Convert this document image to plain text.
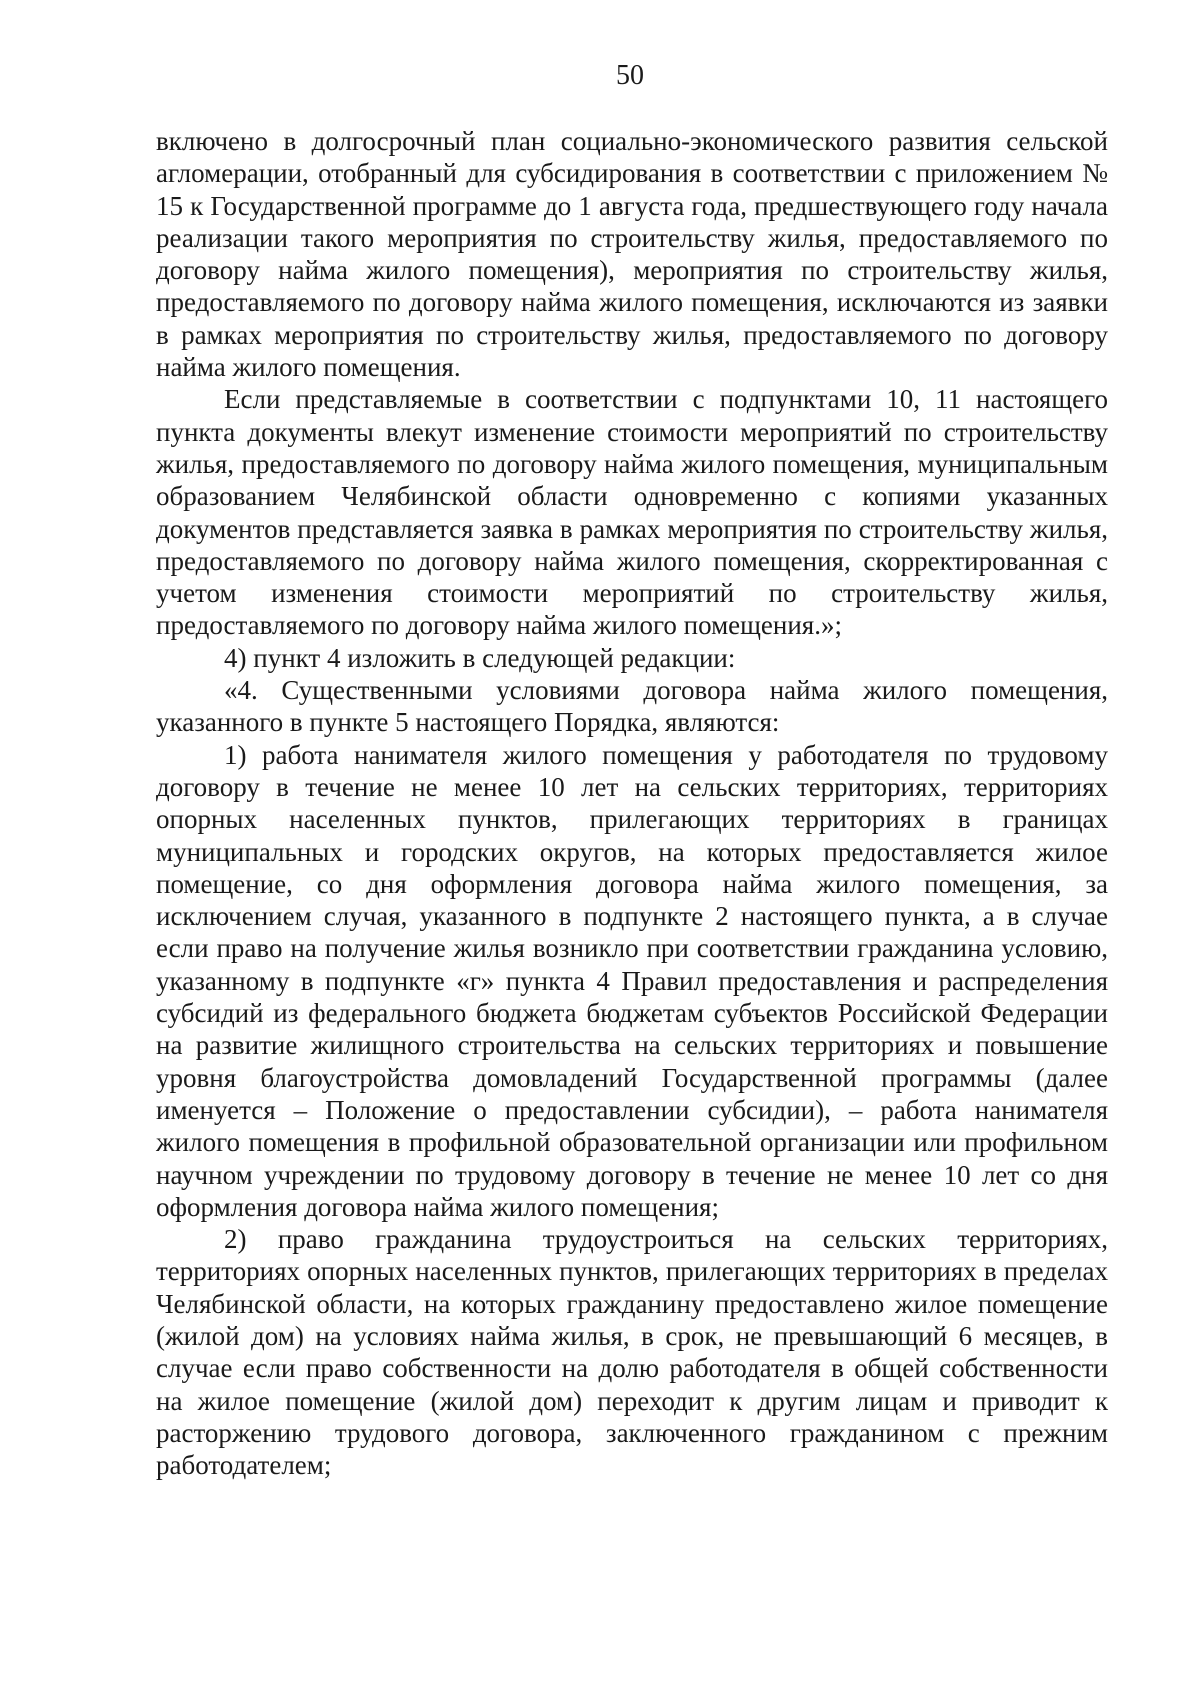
50

включено в долгосрочный план социально-экономического развития сельской агломерации, отобранный для субсидирования в соответствии с приложением № 15 к Государственной программе до 1 августа года, предшествующего году начала реализации такого мероприятия по строительству жилья, предоставляемого по договору найма жилого помещения), мероприятия по строительству жилья, предоставляемого по договору найма жилого помещения, исключаются из заявки в рамках мероприятия по строительству жилья, предоставляемого по договору найма жилого помещения.

Если представляемые в соответствии с подпунктами 10, 11 настоящего пункта документы влекут изменение стоимости мероприятий по строительству жилья, предоставляемого по договору найма жилого помещения, муниципальным образованием Челябинской области одновременно с копиями указанных документов представляется заявка в рамках мероприятия по строительству жилья, предоставляемого по договору найма жилого помещения, скорректированная с учетом изменения стоимости мероприятий по строительству жилья, предоставляемого по договору найма жилого помещения.»;

4) пункт 4 изложить в следующей редакции:

«4. Существенными условиями договора найма жилого помещения, указанного в пункте 5 настоящего Порядка, являются:

1) работа нанимателя жилого помещения у работодателя по трудовому договору в течение не менее 10 лет на сельских территориях, территориях опорных населенных пунктов, прилегающих территориях в границах муниципальных и городских округов, на которых предоставляется жилое помещение, со дня оформления договора найма жилого помещения, за исключением случая, указанного в подпункте 2 настоящего пункта, а в случае если право на получение жилья возникло при соответствии гражданина условию, указанному в подпункте «г» пункта 4 Правил предоставления и распределения субсидий из федерального бюджета бюджетам субъектов Российской Федерации на развитие жилищного строительства на сельских территориях и повышение уровня благоустройства домовладений Государственной программы (далее именуется – Положение о предоставлении субсидии), – работа нанимателя жилого помещения в профильной образовательной организации или профильном научном учреждении по трудовому договору в течение не менее 10 лет со дня оформления договора найма жилого помещения;

2) право гражданина трудоустроиться на сельских территориях, территориях опорных населенных пунктов, прилегающих территориях в пределах Челябинской области, на которых гражданину предоставлено жилое помещение (жилой дом) на условиях найма жилья, в срок, не превышающий 6 месяцев, в случае если право собственности на долю работодателя в общей собственности на жилое помещение (жилой дом) переходит к другим лицам и приводит к расторжению трудового договора, заключенного гражданином с прежним работодателем;
